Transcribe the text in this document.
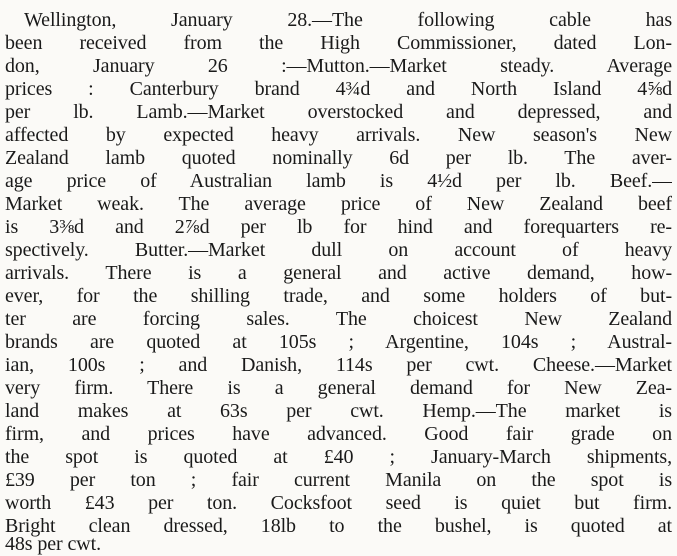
Wellington, January 28.—The following cable has
been received from the High Commissioner, dated Lon-
don, January 26 :—Mutton.—Market steady. Average
prices : Canterbury brand 4¾d and North Island 4⅝d
per lb. Lamb.—Market overstocked and depressed, and
affected by expected heavy arrivals. New season's New
Zealand lamb quoted nominally 6d per lb. The aver-
age price of Australian lamb is 4½d per lb. Beef.—
Market weak. The average price of New Zealand beef
is 3⅜d and 2⅞d per lb for hind and forequarters re-
spectively. Butter.—Market dull on account of heavy
arrivals. There is a general and active demand, how-
ever, for the shilling trade, and some holders of but-
ter are forcing sales. The choicest New Zealand
brands are quoted at 105s ; Argentine, 104s ; Austral-
ian, 100s ; and Danish, 114s per cwt. Cheese.—Market
very firm. There is a general demand for New Zea-
land makes at 63s per cwt. Hemp.—The market is
firm, and prices have advanced. Good fair grade on
the spot is quoted at £40 ; January-March shipments,
£39 per ton ; fair current Manila on the spot is
worth £43 per ton. Cocksfoot seed is quiet but firm.
Bright clean dressed, 18lb to the bushel, is quoted at
48s per cwt.
